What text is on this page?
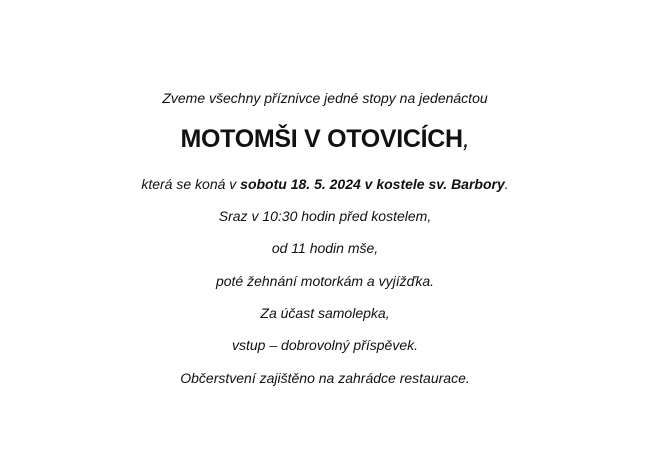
Zveme všechny příznivce jedné stopy na jedenáctou
MOTOMŠI V OTOVICÍCH,
která se koná v sobotu 18. 5. 2024 v kostele sv. Barbory.
Sraz v 10:30 hodin před kostelem,
od 11 hodin mše,
poté žehnání motorkám a vyjížďka.
Za účast samolepka,
vstup – dobrovolný příspěvek.
Občerstvení zajištěno na zahrádce restaurace.
